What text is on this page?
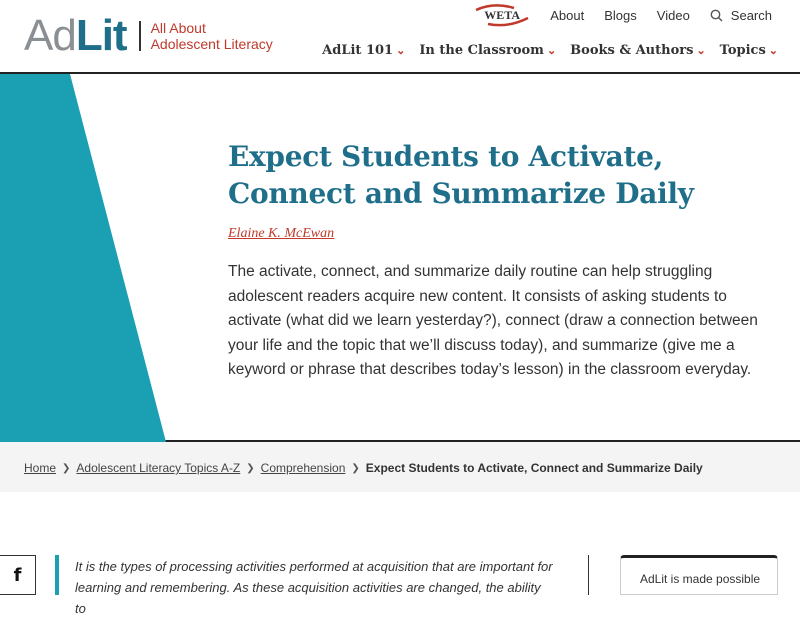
Ad Lit All About
Adolescent Literacy
WETA About Blogs Video	Search
AdLit 101 ⌄ In the Classroom ⌄ Books & Authors ⌄ Topics ⌄
Expect Students to Activate,
Connect and Summarize Daily
Elaine K. McEwan

The activate, connect, and summarize daily routine can help struggling adolescent readers acquire new content. It consists of asking students to activate (what did we learn yesterday?), connect (draw a connection between your life and the topic that we’ll discuss today), and summarize (give me a keyword or phrase that describes today’s lesson) in the classroom everyday.

Home ❯ Adolescent Literacy Topics A-Z ❯ Comprehension ❯ Expect Students to Activate, Connect and Summarize Daily
f	It is the types of processing activities performed at acquisition that are important for learning and remembering. As these acquisition activities are changed, the ability to

AdLit is made possible
